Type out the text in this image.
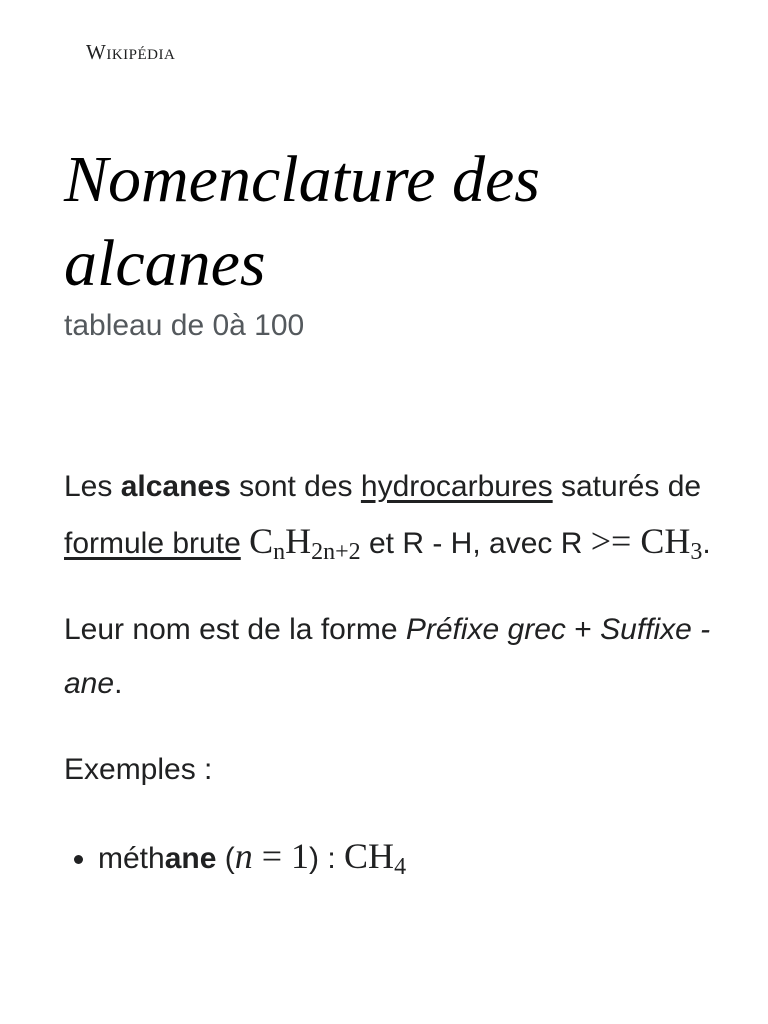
Wikipédia
Nomenclature des alcanes
tableau de 0à 100

Les alcanes sont des hydrocarbures saturés de formule brute $C_nH_{2n+2}$ et R - H, avec $R >= CH_3$.

Leur nom est de la forme Préfixe grec + Suffixe -ane.

Exemples :

• méthane (n = 1) : $CH_4$
